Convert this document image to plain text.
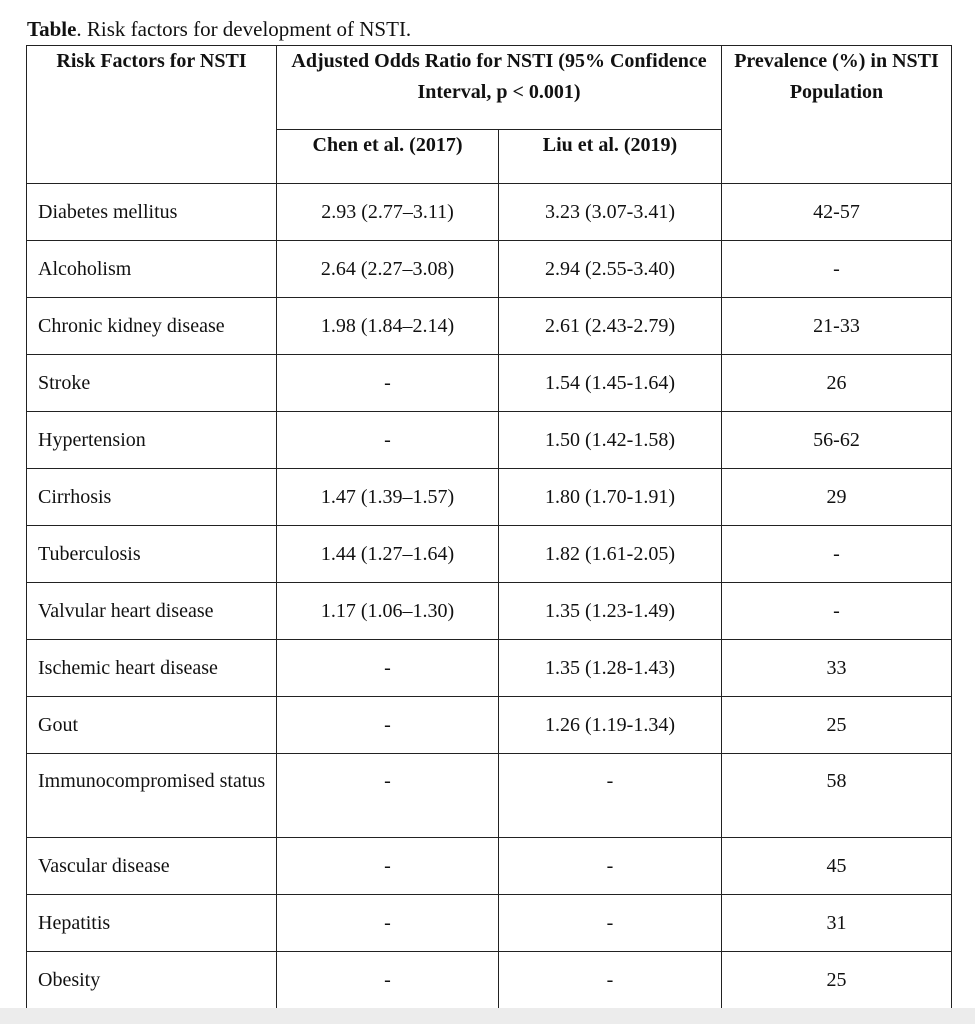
Table. Risk factors for development of NSTI.
Risk Factors for NSTI	Adjusted Odds Ratio for NSTI (95% Confidence Interval, p < 0.001)		Prevalence (%) in NSTI Population
	Chen et al. (2017)	Liu et al. (2019)	
Diabetes mellitus	2.93 (2.77–3.11)	3.23 (3.07-3.41)	42-57
Alcoholism	2.64 (2.27–3.08)	2.94 (2.55-3.40)	-
Chronic kidney disease	1.98 (1.84–2.14)	2.61 (2.43-2.79)	21-33
Stroke	-	1.54 (1.45-1.64)	26
Hypertension	-	1.50 (1.42-1.58)	56-62
Cirrhosis	1.47 (1.39–1.57)	1.80 (1.70-1.91)	29
Tuberculosis	1.44 (1.27–1.64)	1.82 (1.61-2.05)	-
Valvular heart disease	1.17 (1.06–1.30)	1.35 (1.23-1.49)	-
Ischemic heart disease	-	1.35 (1.28-1.43)	33
Gout	-	1.26 (1.19-1.34)	25
Immunocompromised status	-	-	58
Vascular disease	-	-	45
Hepatitis	-	-	31
Obesity	-	-	25
